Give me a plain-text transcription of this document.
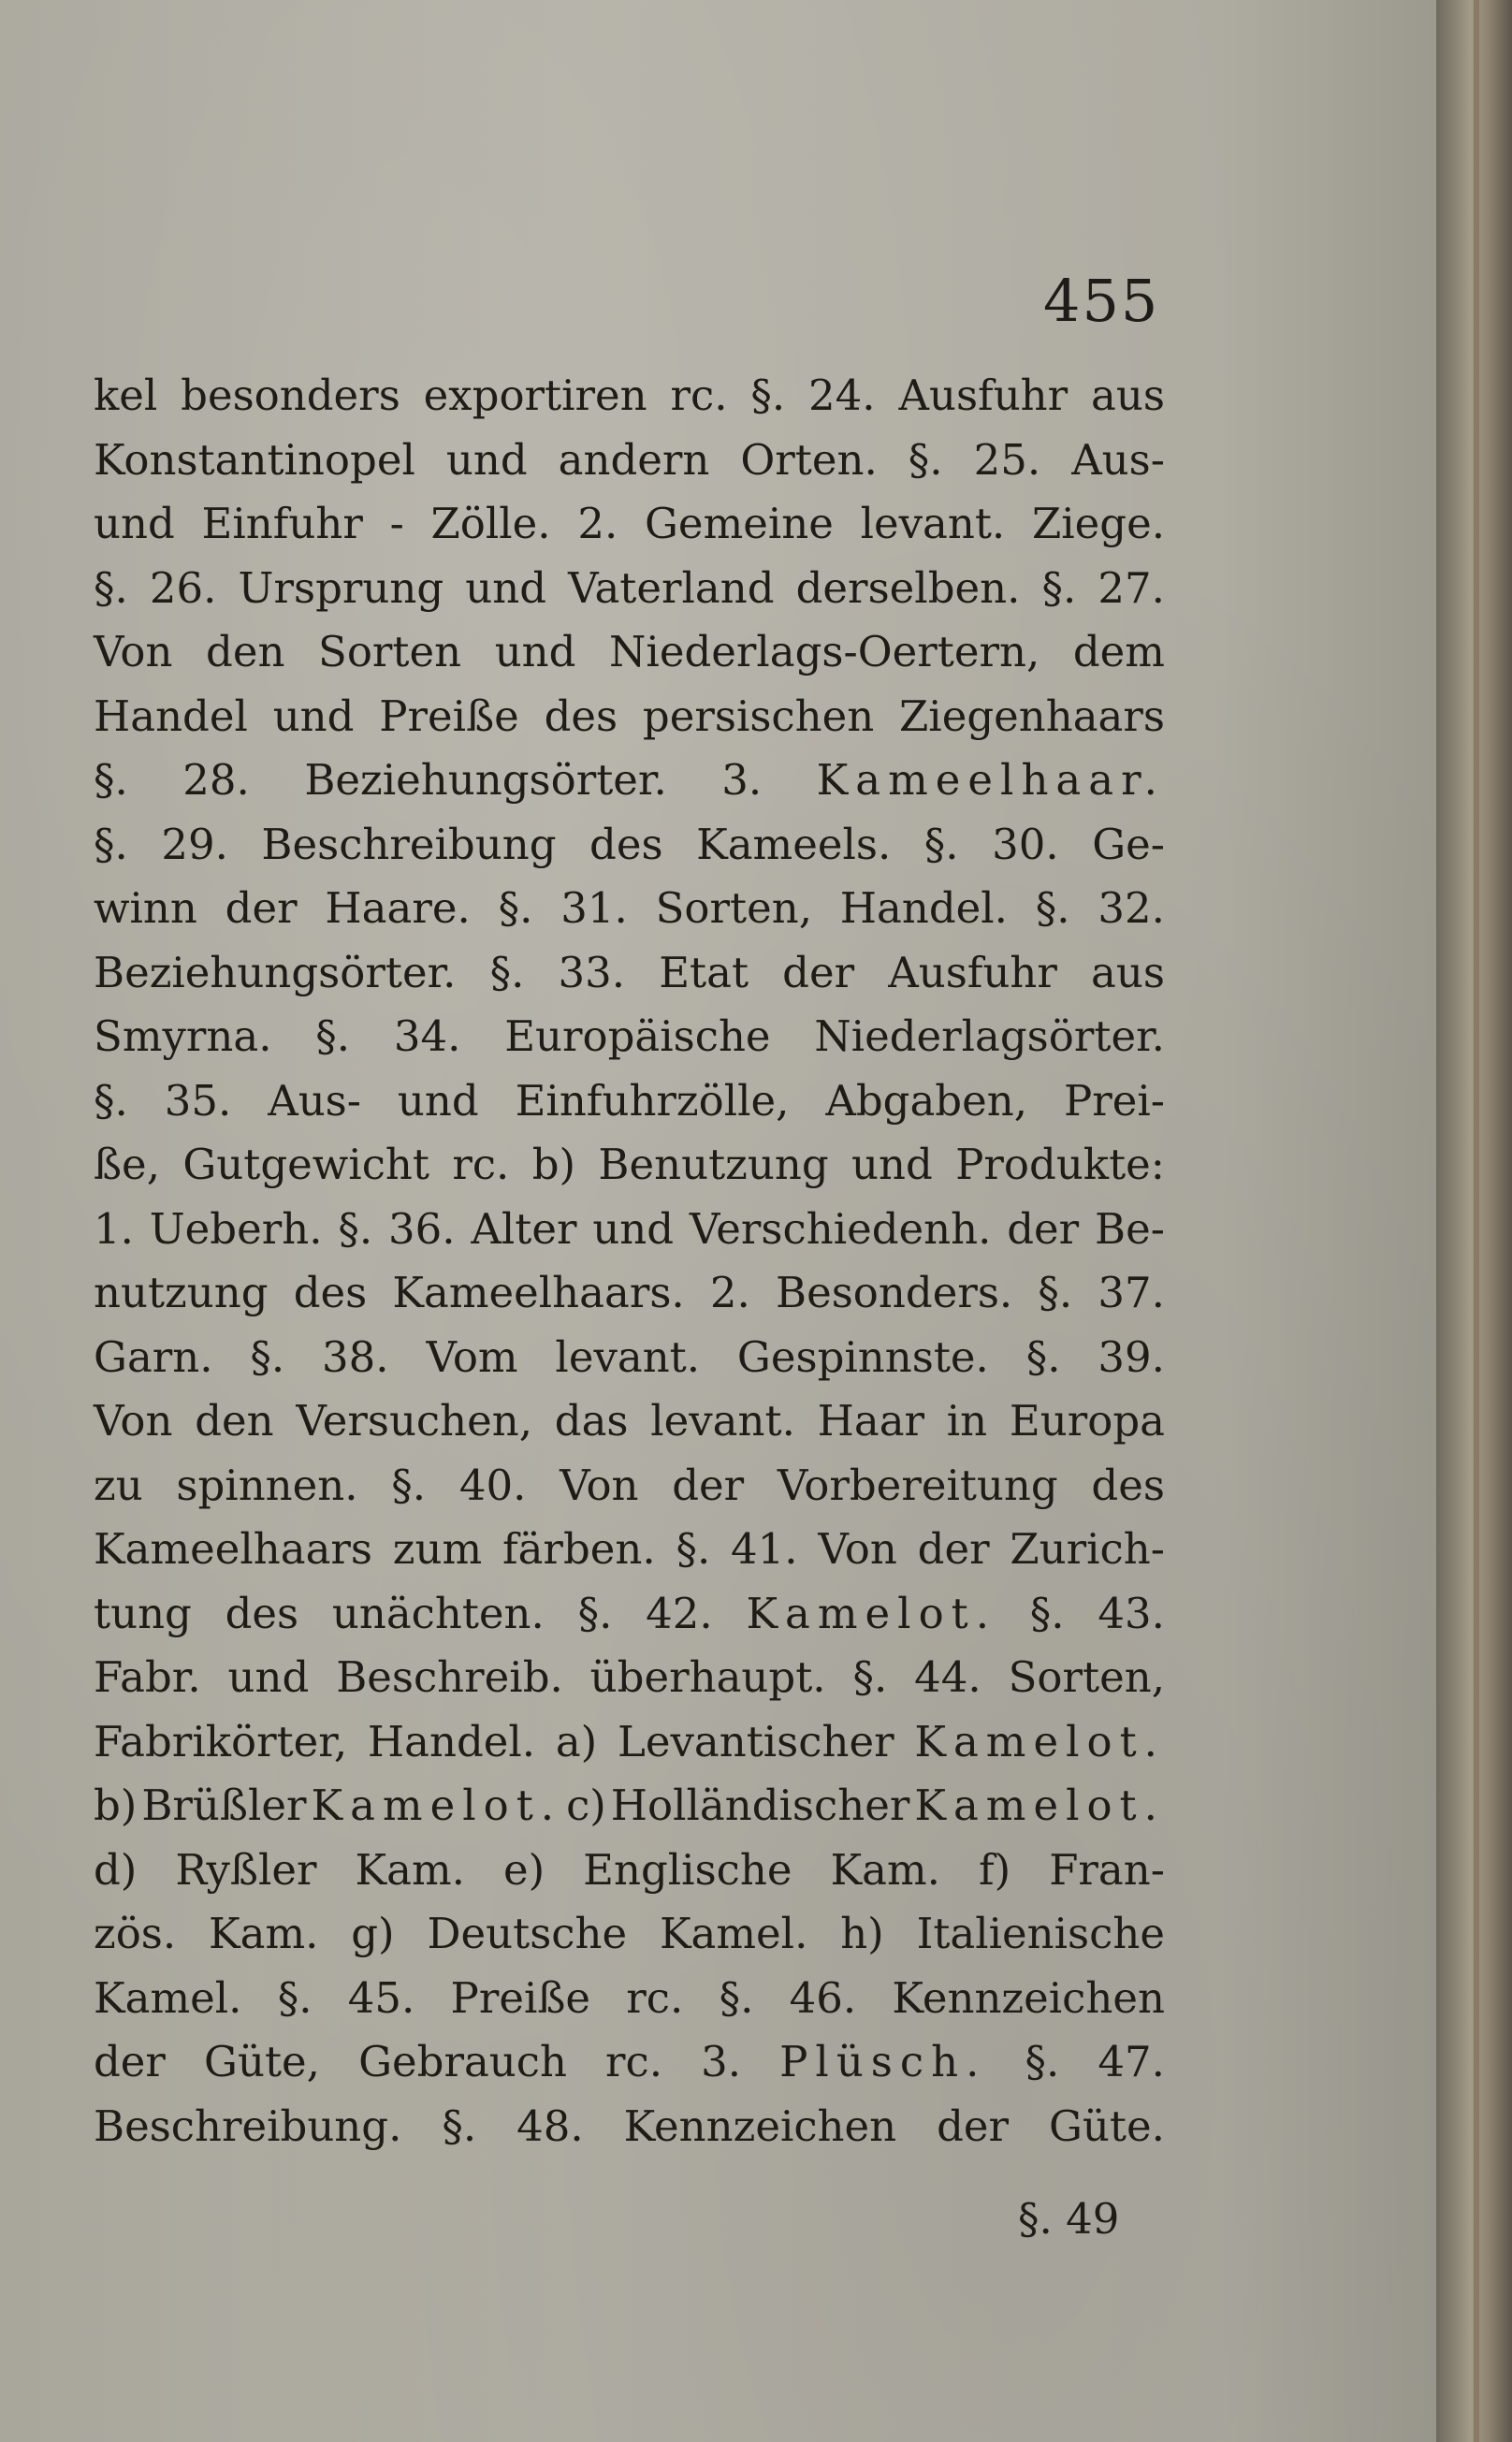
455
kel besonders exportiren rc. §. 24. Ausfuhr aus
Konstantinopel und andern Orten. §. 25. Aus-
und Einfuhr - Zölle. 2. Gemeine levant. Ziege.
§. 26. Ursprung und Vaterland derselben. §. 27.
Von den Sorten und Niederlags-Oertern, dem
Handel und Preiße des persischen Ziegenhaars
§. 28. Beziehungsörter. 3. Kameelhaar.
§. 29. Beschreibung des Kameels. §. 30. Ge-
winn der Haare. §. 31. Sorten, Handel. §. 32.
Beziehungsörter. §. 33. Etat der Ausfuhr aus
Smyrna. §. 34. Europäische Niederlagsörter.
§. 35. Aus- und Einfuhrzölle, Abgaben, Prei-
ße, Gutgewicht rc. b) Benutzung und Produkte:
1. Ueberh. §. 36. Alter und Verschiedenh. der Be-
nutzung des Kameelhaars. 2. Besonders. §. 37.
Garn. §. 38. Vom levant. Gespinnste. §. 39.
Von den Versuchen, das levant. Haar in Europa
zu spinnen. §. 40. Von der Vorbereitung des
Kameelhaars zum färben. §. 41. Von der Zurich-
tung des unächten. §. 42. Kamelot. §. 43.
Fabr. und Beschreib. überhaupt. §. 44. Sorten,
Fabrikörter, Handel. a) Levantischer Kamelot.
b) Brüßler Kamelot. c) Holländischer Kamelot.
d) Ryßler Kam. e) Englische Kam. f) Fran-
zös. Kam. g) Deutsche Kamel. h) Italienische
Kamel. §. 45. Preiße rc. §. 46. Kennzeichen
der Güte, Gebrauch rc. 3. Plüsch. §. 47.
Beschreibung. §. 48. Kennzeichen der Güte.
§. 49
